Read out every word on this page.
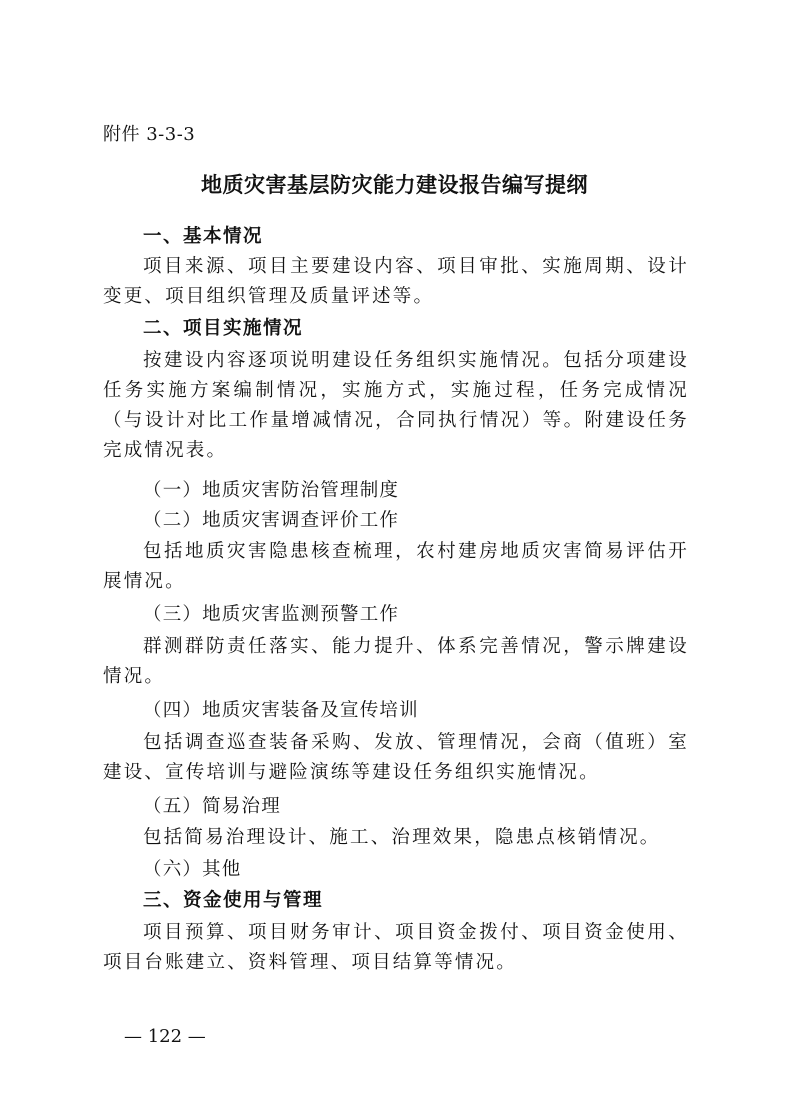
附件 3-3-3
地质灾害基层防灾能力建设报告编写提纲
一、基本情况
项目来源、项目主要建设内容、项目审批、实施周期、设计变更、项目组织管理及质量评述等。
二、项目实施情况
按建设内容逐项说明建设任务组织实施情况。包括分项建设任务实施方案编制情况，实施方式，实施过程，任务完成情况（与设计对比工作量增减情况，合同执行情况）等。附建设任务完成情况表。
（一）地质灾害防治管理制度
（二）地质灾害调查评价工作
包括地质灾害隐患核查梳理，农村建房地质灾害简易评估开展情况。
（三）地质灾害监测预警工作
群测群防责任落实、能力提升、体系完善情况，警示牌建设情况。
（四）地质灾害装备及宣传培训
包括调查巡查装备采购、发放、管理情况，会商（值班）室建设、宣传培训与避险演练等建设任务组织实施情况。
（五）简易治理
包括简易治理设计、施工、治理效果，隐患点核销情况。
（六）其他
三、资金使用与管理
项目预算、项目财务审计、项目资金拨付、项目资金使用、项目台账建立、资料管理、项目结算等情况。
— 122 —
